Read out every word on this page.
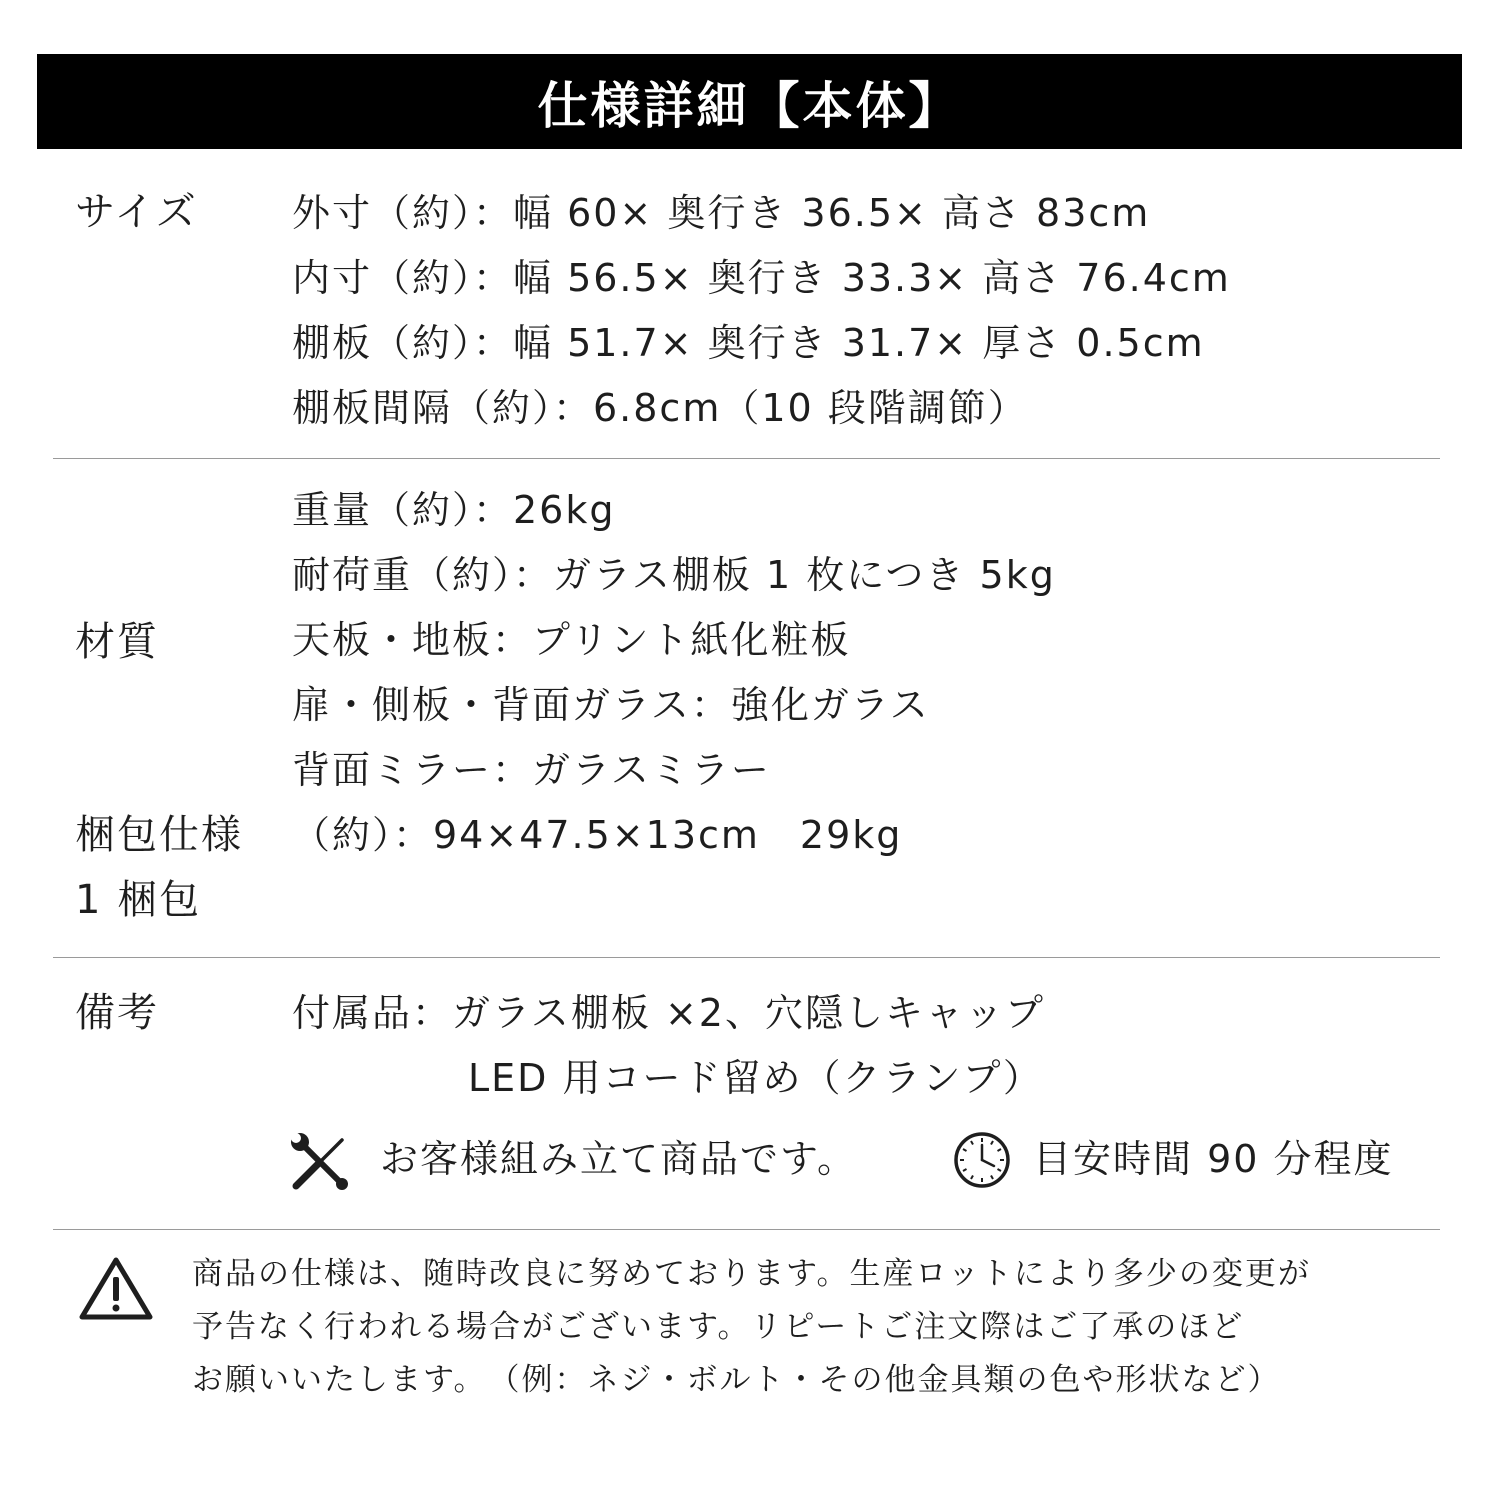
仕様詳細【本体】
サイズ 外寸（約）：幅 60× 奥行き 36.5× 高さ 83cm
内寸（約）：幅 56.5× 奥行き 33.3× 高さ 76.4cm
棚板（約）：幅 51.7× 奥行き 31.7× 厚さ 0.5cm
棚板間隔（約）：6.8cm（10 段階調節）
重量（約）：26kg
耐荷重（約）：ガラス棚板 1 枚につき 5kg
材質	天板・地板：プリント紙化粧板
扉・側板・背面ガラス：強化ガラス
背面ミラー：ガラスミラー
梱包仕様 （約）：94×47.5×13cm　29kg
1 梱包
備考	付属品：ガラス棚板 ×2、穴隠しキャップ
LED 用コード留め（クランプ）
お客様組み立て商品です。	目安時間 90 分程度
商品の仕様は、随時改良に努めております。生産ロットにより多少の変更が
予告なく行われる場合がございます。リピートご注文際はご了承のほど
お願いいたします。　（例：ネジ・ボルト・その他金具類の色や形状など）
